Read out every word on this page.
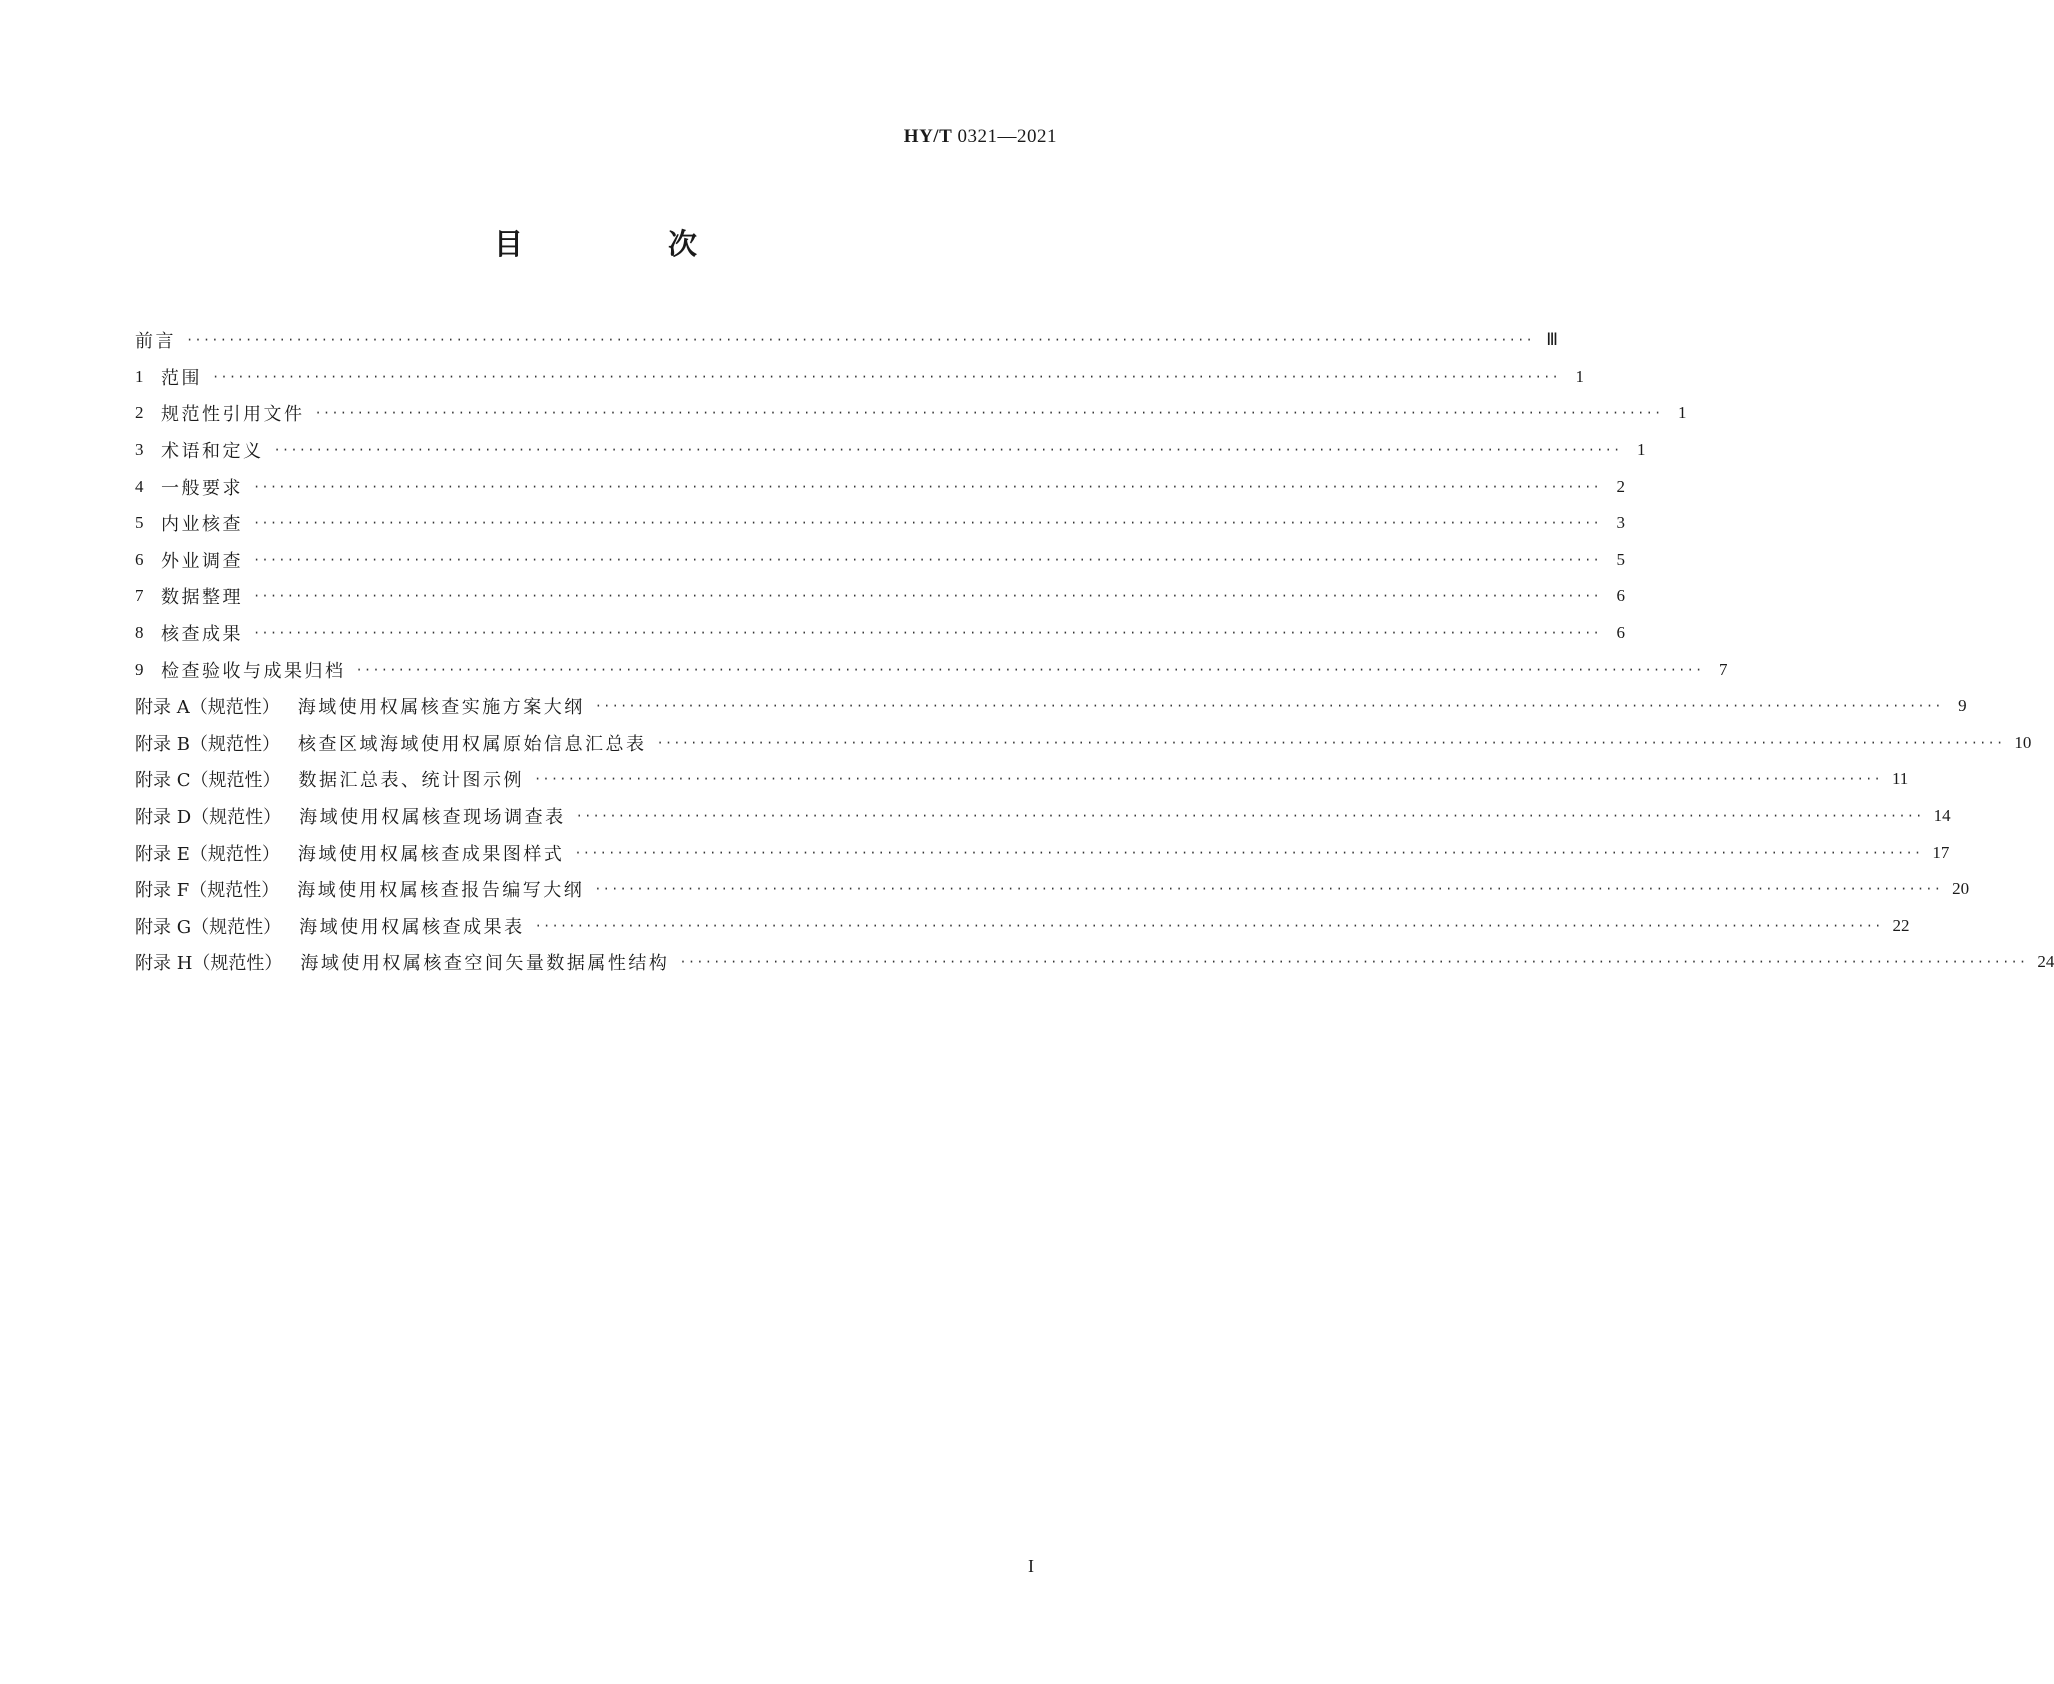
HY/T 0321—2021
目　次
前言 ································································································································································ Ⅲ
1 范围 ································································································································································ 1
2 规范性引用文件 ································································································································································ 1
3 术语和定义 ································································································································································ 1
4 一般要求 ································································································································································ 2
5 内业核查 ································································································································································ 3
6 外业调查 ································································································································································ 5
7 数据整理 ································································································································································ 6
8 核查成果 ································································································································································ 6
9 检查验收与成果归档 ································································································································································ 7
附录 A（规范性） 海域使用权属核查实施方案大纲 ································································································································································ 9
附录 B（规范性） 核查区域海域使用权属原始信息汇总表 ································································································································································ 10
附录 C（规范性） 数据汇总表、统计图示例 ································································································································································ 11
附录 D（规范性） 海域使用权属核查现场调查表 ································································································································································ 14
附录 E（规范性） 海域使用权属核查成果图样式 ································································································································································ 17
附录 F（规范性） 海域使用权属核查报告编写大纲 ································································································································································ 20
附录 G（规范性） 海域使用权属核查成果表 ································································································································································ 22
附录 H（规范性） 海域使用权属核查空间矢量数据属性结构 ································································································································································ 24
I
